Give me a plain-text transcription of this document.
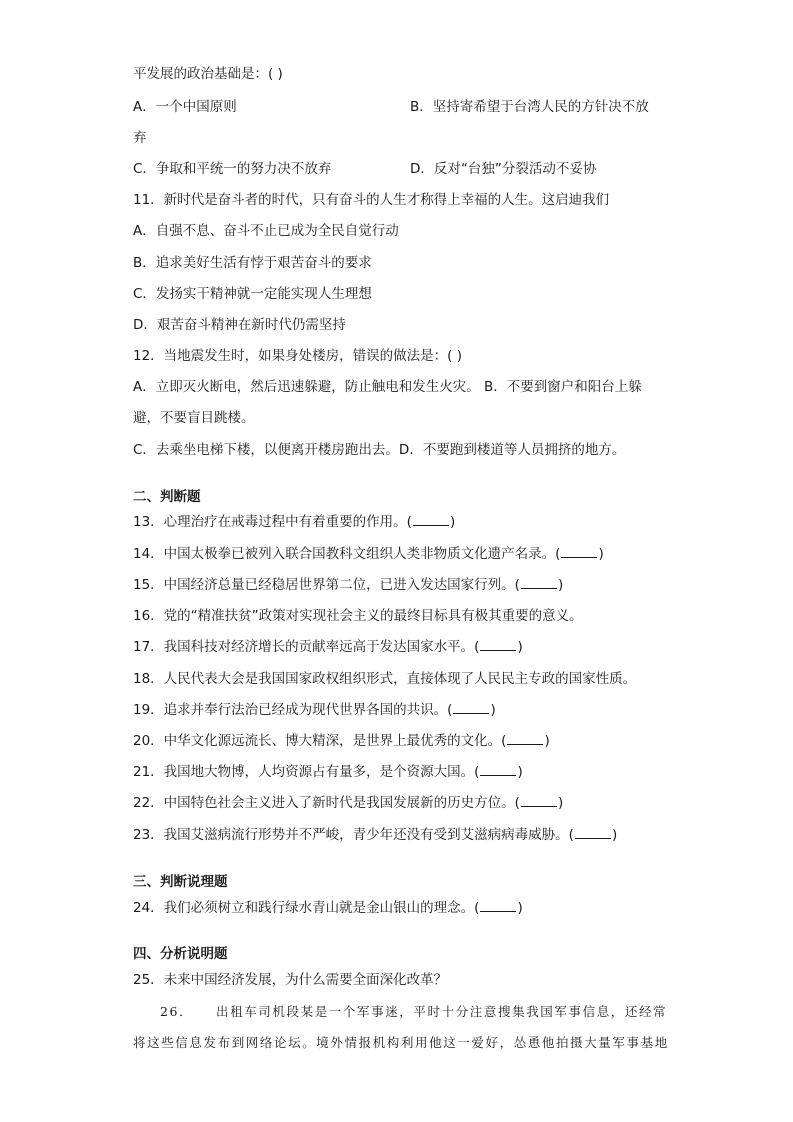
平发展的政治基础是：( )
A．一个中国原则	B．坚持寄希望于台湾人民的方针决不放
弃
C．争取和平统一的努力决不放弃	D．反对“台独”分裂活动不妥协
11．新时代是奋斗者的时代，只有奋斗的人生才称得上幸福的人生。这启迪我们
A．自强不息、奋斗不止已成为全民自觉行动
B．追求美好生活有悖于艰苦奋斗的要求
C．发扬实干精神就一定能实现人生理想
D．艰苦奋斗精神在新时代仍需坚持
12．当地震发生时，如果身处楼房，错误的做法是：( )
A．立即灭火断电，然后迅速躲避，防止触电和发生火灾。 B．不要到窗户和阳台上躲
避，不要盲目跳楼。
C．去乘坐电梯下楼，以便离开楼房跑出去。D．不要跑到楼道等人员拥挤的地方。
二、判断题
13．心理治疗在戒毒过程中有着重要的作用。(	)
14．中国太极拳已被列入联合国教科文组织人类非物质文化遗产名录。(	)
15．中国经济总量已经稳居世界第二位，已进入发达国家行列。(	)
16．党的“精准扶贫”政策对实现社会主义的最终目标具有极其重要的意义。
17．我国科技对经济增长的贡献率远高于发达国家水平。(	)
18．人民代表大会是我国国家政权组织形式，直接体现了人民民主专政的国家性质。
19．追求并奉行法治已经成为现代世界各国的共识。(	)
20．中华文化源远流长、博大精深，是世界上最优秀的文化。(	)
21．我国地大物博，人均资源占有量多，是个资源大国。(	)
22．中国特色社会主义进入了新时代是我国发展新的历史方位。(	)
23．我国艾滋病流行形势并不严峻，青少年还没有受到艾滋病病毒威胁。(	)
三、判断说理题
24．我们必须树立和践行绿水青山就是金山银山的理念。(	)
四、分析说明题
25．未来中国经济发展，为什么需要全面深化改革？
26． 出租车司机段某是一个军事迷，平时十分注意搜集我国军事信息，还经常
将这些信息发布到网络论坛。境外情报机构利用他这一爱好，怂恿他拍摄大量军事基地
